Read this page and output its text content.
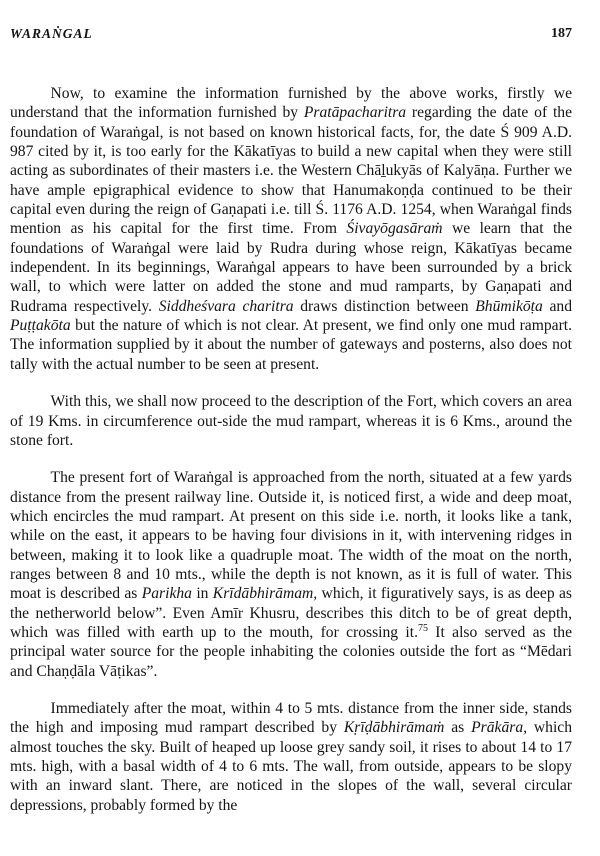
WARAṄGAL	187

Now, to examine the information furnished by the above works, firstly we understand that the information furnished by Pratāpacharitra regarding the date of the foundation of Waraṅgal, is not based on known historical facts, for, the date Ś 909 A.D. 987 cited by it, is too early for the Kākatīyas to build a new capital when they were still acting as subordinates of their masters i.e. the Western Chāḻukyās of Kalyāṇa. Further we have ample epigraphical evidence to show that Hanumakoṇḍa continued to be their capital even during the reign of Gaṇapati i.e. till Ś. 1176 A.D. 1254, when Waraṅgal finds mention as his capital for the first time. From Śivayōgasāraṁ we learn that the foundations of Waraṅgal were laid by Rudra during whose reign, Kākatīyas became independent. In its beginnings, Waraṅgal appears to have been surrounded by a brick wall, to which were latter on added the stone and mud ramparts, by Gaṇapati and Rudrama respectively. Siddheśvara charitra draws distinction between Bhūmikōṭa and Puṭṭakōta but the nature of which is not clear. At present, we find only one mud rampart. The information supplied by it about the number of gateways and posterns, also does not tally with the actual number to be seen at present.

With this, we shall now proceed to the description of the Fort, which covers an area of 19 Kms. in circumference out-side the mud rampart, whereas it is 6 Kms., around the stone fort.

The present fort of Waraṅgal is approached from the north, situated at a few yards distance from the present railway line. Outside it, is noticed first, a wide and deep moat, which encircles the mud rampart. At present on this side i.e. north, it looks like a tank, while on the east, it appears to be having four divisions in it, with intervening ridges in between, making it to look like a quadruple moat. The width of the moat on the north, ranges between 8 and 10 mts., while the depth is not known, as it is full of water. This moat is described as Parikha in Krīdābhirāmam, which, it figuratively says, is as deep as the netherworld below”. Even Amīr Khusru, describes this ditch to be of great depth, which was filled with earth up to the mouth, for crossing it.$^{75}$ It also served as the principal water source for the people inhabiting the colonies outside the fort as “Mēdari and Chaṇḍāla Vāṭikas”.

Immediately after the moat, within 4 to 5 mts. distance from the inner side, stands the high and imposing mud rampart described by Kṛīḍābhirāmaṁ as Prākāra, which almost touches the sky. Built of heaped up loose grey sandy soil, it rises to about 14 to 17 mts. high, with a basal width of 4 to 6 mts. The wall, from outside, appears to be slopy with an inward slant. There, are noticed in the slopes of the wall, several circular depressions, probably formed by the
